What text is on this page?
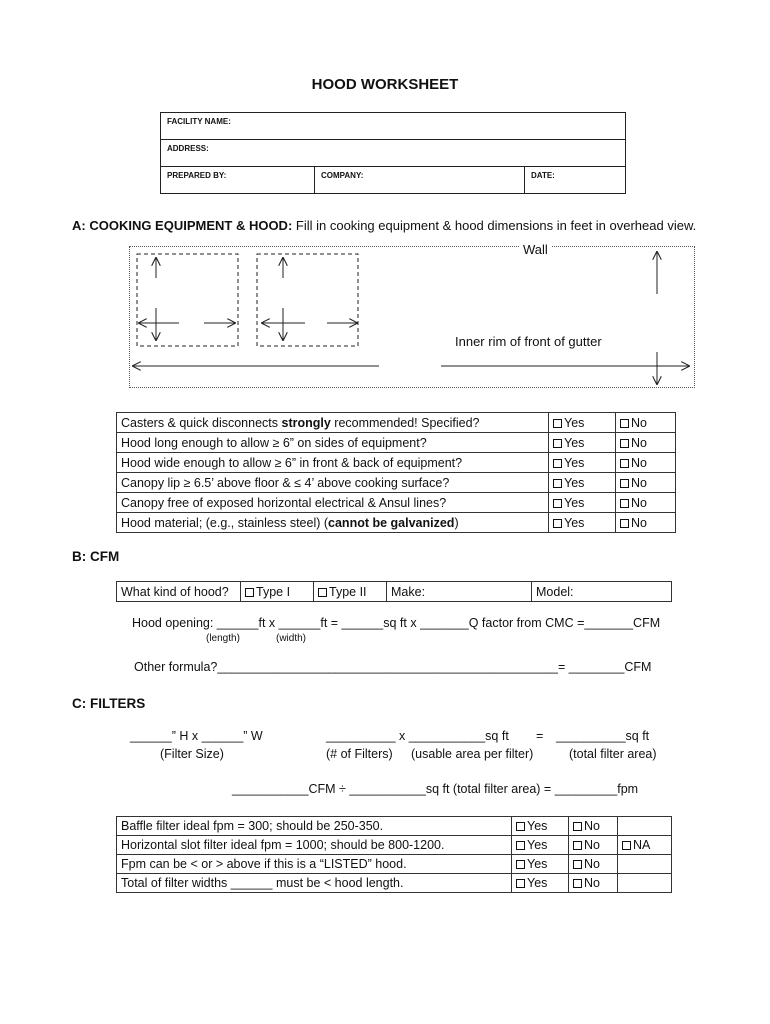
HOOD WORKSHEET
FACILITY NAME:
ADDRESS:
PREPARED BY:	COMPANY:	DATE:
A: COOKING EQUIPMENT & HOOD: Fill in cooking equipment & hood dimensions in feet in overhead view.
Wall
Inner rim of front of gutter
Casters & quick disconnects strongly recommended! Specified?	Yes	No
Hood long enough to allow ≥ 6” on sides of equipment?	Yes	No
Hood wide enough to allow ≥ 6” in front & back of equipment?	Yes	No
Canopy lip ≥ 6.5’ above floor & ≤ 4’ above cooking surface?	Yes	No
Canopy free of exposed horizontal electrical & Ansul lines?	Yes	No
Hood material; (e.g., stainless steel) (cannot be galvanized)	Yes	No
B: CFM
What kind of hood?	Type I	Type II	Make:	Model:
Hood opening: ______ft x ______ft = ______sq ft x _______Q factor from CMC =_______CFM
(length)	(width)
Other formula?_________________________________________________= ________CFM
C: FILTERS
______” H x ______” W
(Filter Size)
__________ x ___________sq ft
(# of Filters) (usable area per filter)
= __________sq ft
(total filter area)
___________CFM ÷ ___________sq ft (total filter area) = _________fpm
Baffle filter ideal fpm = 300; should be 250-350.	Yes	No	
Horizontal slot filter ideal fpm = 1000; should be 800-1200.	Yes	No	NA
Fpm can be < or > above if this is a “LISTED” hood.	Yes	No	
Total of filter widths ______ must be < hood length.	Yes	No	
